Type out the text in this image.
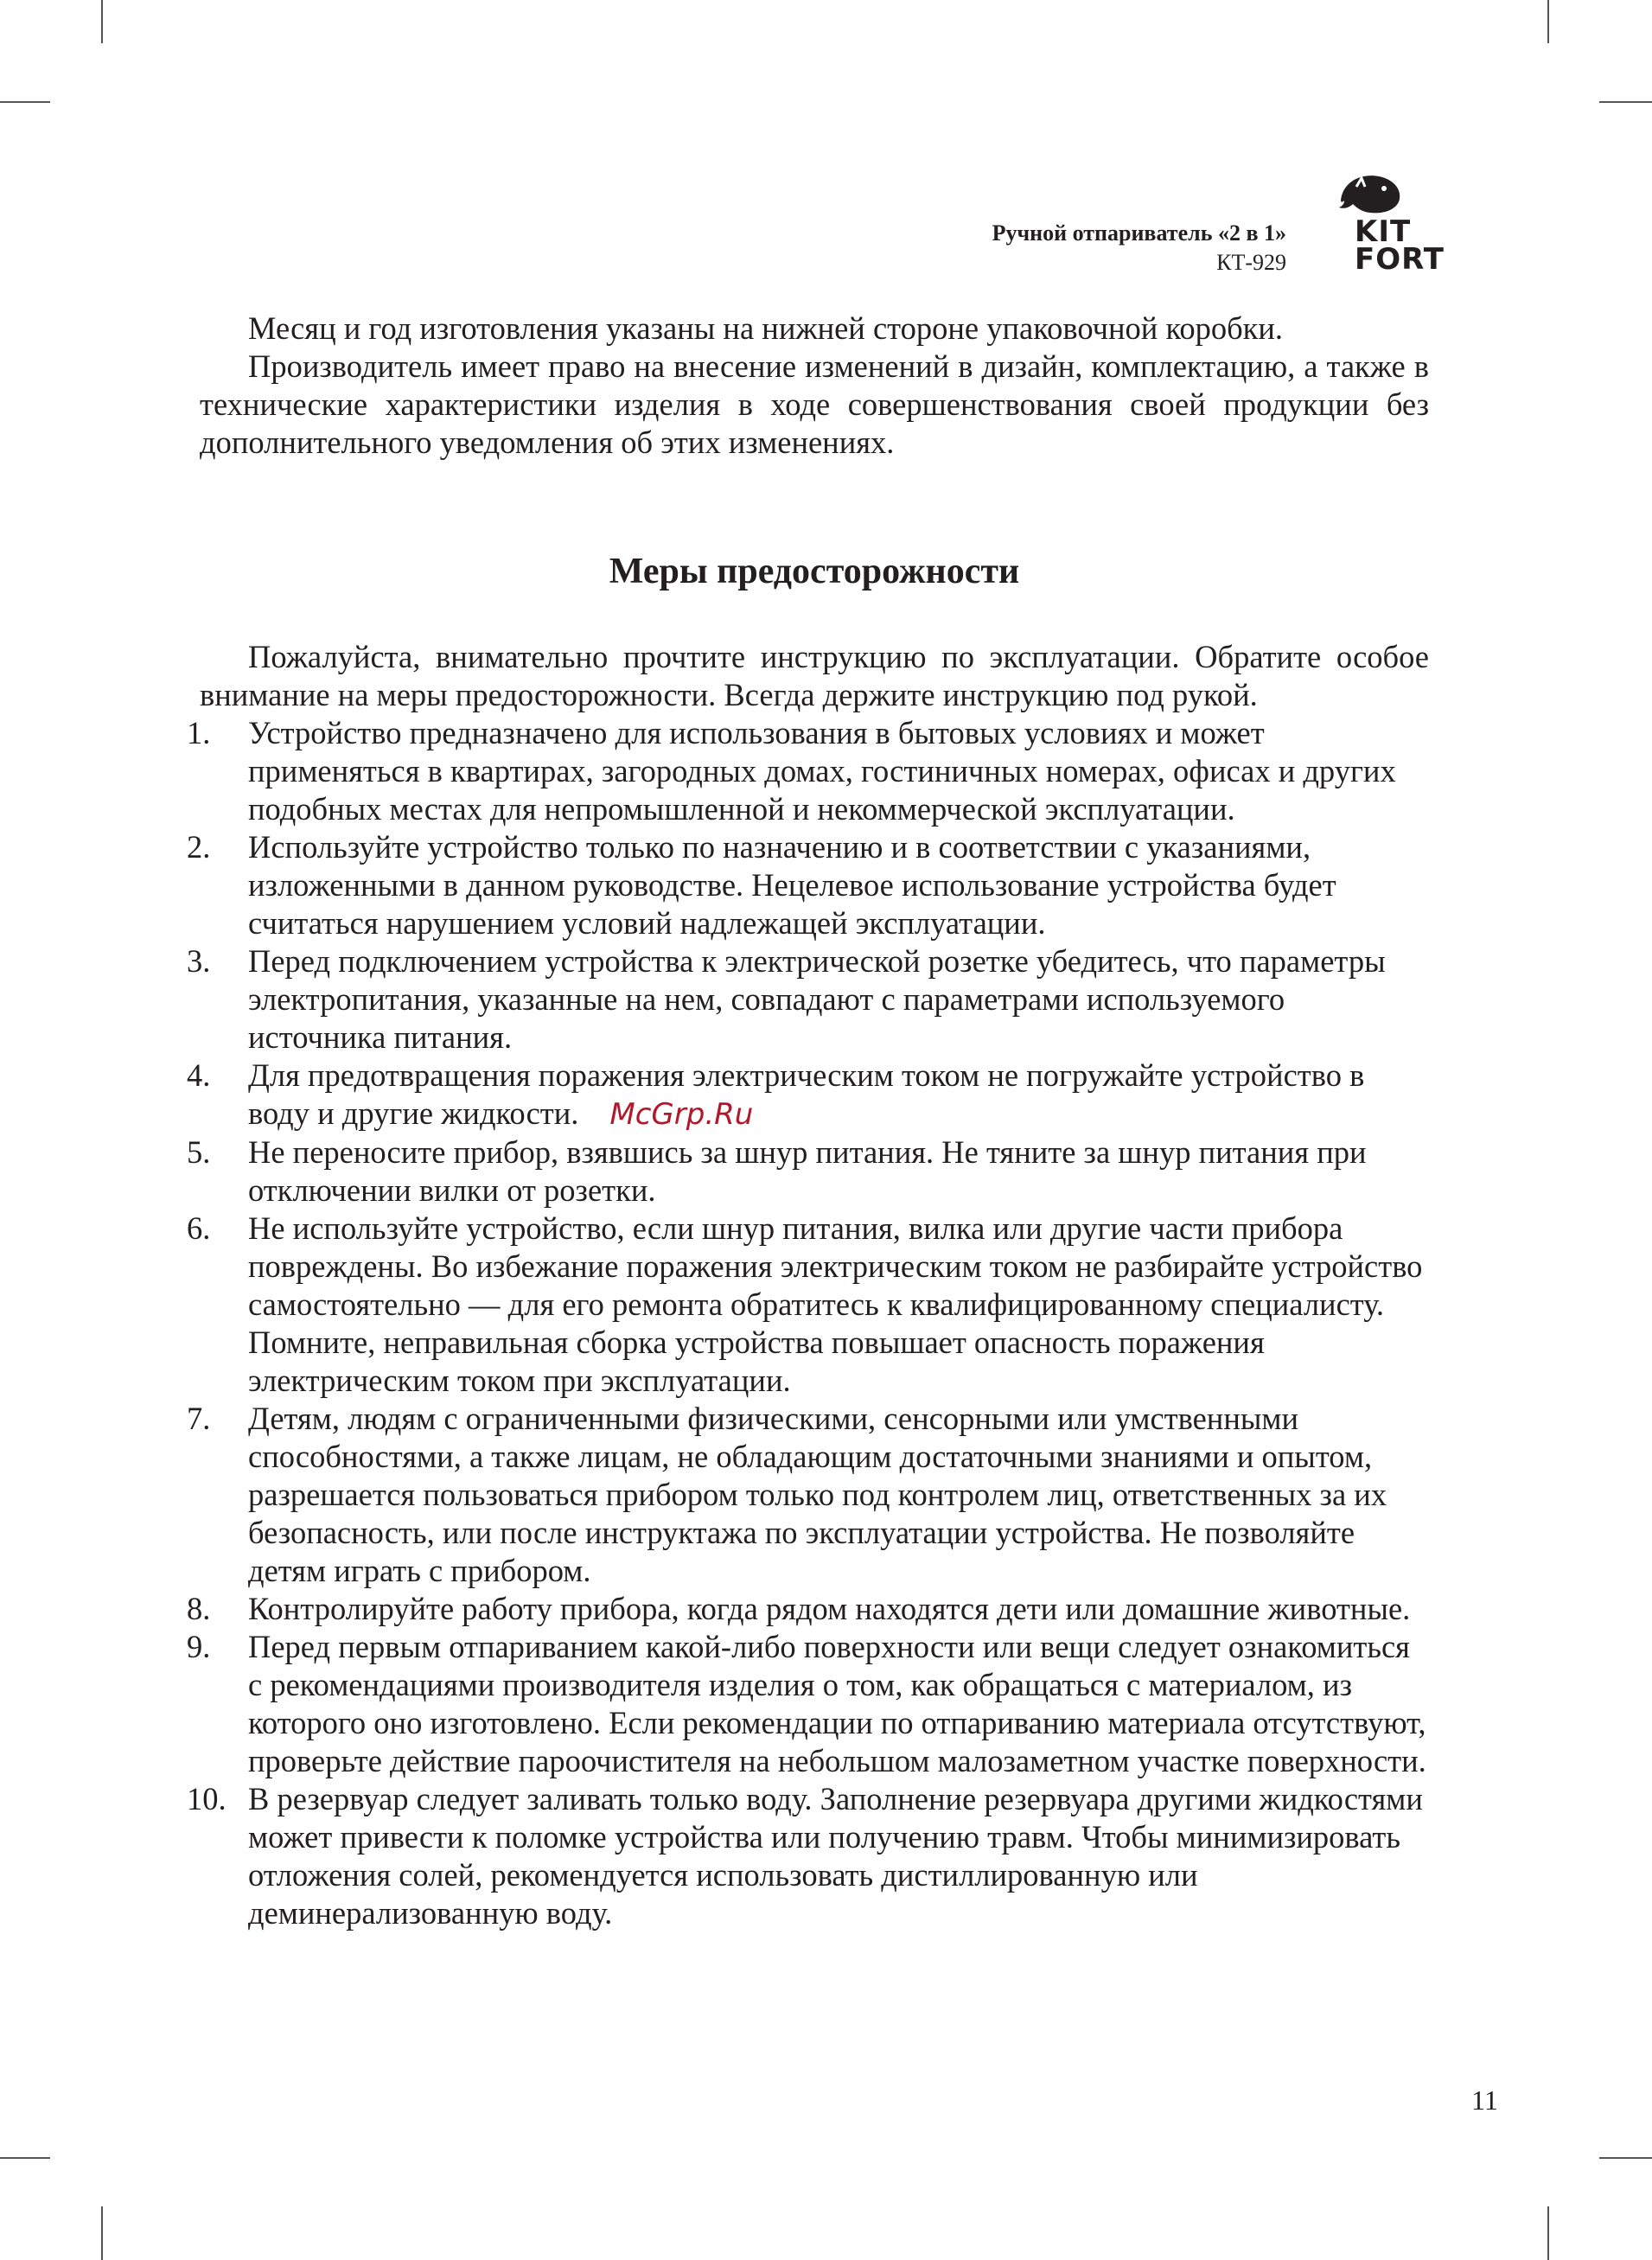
Ручной отпариватель «2 в 1»
КТ-929
KIT
FORT

Месяц и год изготовления указаны на нижней стороне упаковочной коробки.

Производитель имеет право на внесение изменений в дизайн, комплектацию, а также в технические характеристики изделия в ходе совершенствования своей продукции без дополнительного уведомления об этих изменениях.

Меры предосторожности

Пожалуйста, внимательно прочтите инструкцию по эксплуатации. Обратите особое внимание на меры предосторожности. Всегда держите инструкцию под рукой.

1.	Устройство предназначено для использования в бытовых условиях и может применяться в квартирах, загородных домах, гостиничных номерах, офисах и других подобных местах для непромышленной и некоммерческой эксплуатации.
2.	Используйте устройство только по назначению и в соответствии с указаниями, изложенными в данном руководстве. Нецелевое использование устройства будет считаться нарушением условий надлежащей эксплуатации.
3.	Перед подключением устройства к электрической розетке убедитесь, что параметры электропитания, указанные на нем, совпадают с параметрами используемого источника питания.
4.	Для предотвращения поражения электрическим током не погружайте устройство в воду и другие жидкости. McGrp.Ru
5.	Не переносите прибор, взявшись за шнур питания. Не тяните за шнур питания при отключении вилки от розетки.
6.	Не используйте устройство, если шнур питания, вилка или другие части прибора повреждены. Во избежание поражения электрическим током не разбирайте устройство самостоятельно — для его ремонта обратитесь к квалифицированному специалисту. Помните, неправильная сборка устройства повышает опасность поражения электрическим током при эксплуатации.
7.	Детям, людям с ограниченными физическими, сенсорными или умственными способностями, а также лицам, не обладающим достаточными знаниями и опытом, разрешается пользоваться прибором только под контролем лиц, ответственных за их безопасность, или после инструктажа по эксплуатации устройства. Не позволяйте детям играть с прибором.
8.	Контролируйте работу прибора, когда рядом находятся дети или домашние животные.
9.	Перед первым отпариванием какой-либо поверхности или вещи следует ознакомиться с рекомендациями производителя изделия о том, как обращаться с материалом, из которого оно изготовлено. Если рекомендации по отпариванию материала отсутствуют, проверьте действие пароочистителя на небольшом малозаметном участке поверхности.
10. В резервуар следует заливать только воду. Заполнение резервуара другими жидкостями может привести к поломке устройства или получению травм. Чтобы минимизировать отложения солей, рекомендуется использовать дистиллированную или деминерализованную воду.
11
